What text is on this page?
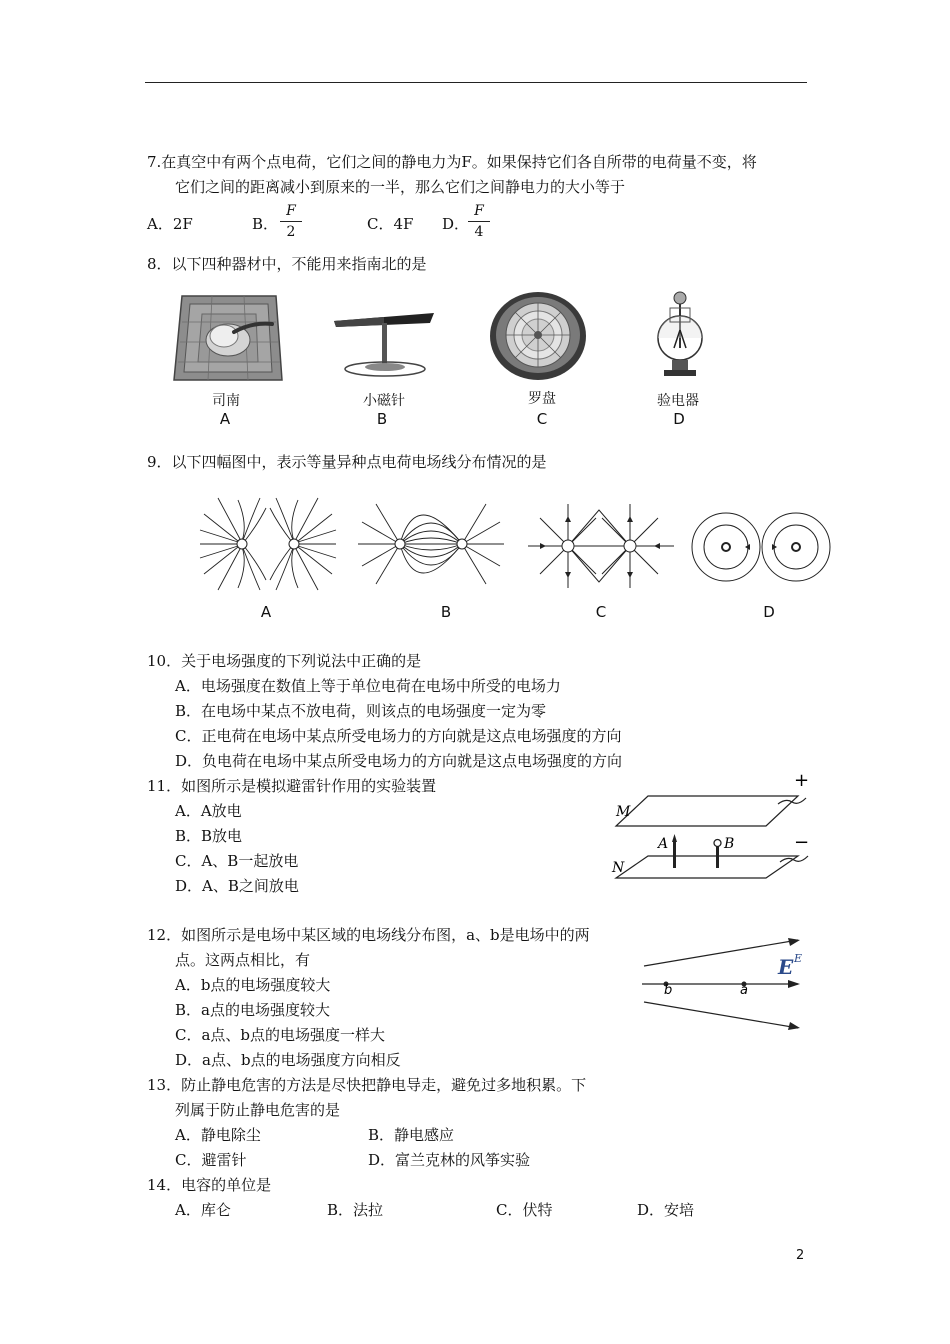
7.在真空中有两个点电荷，它们之间的静电力为F。如果保持它们各自所带的电荷量不变，将
它们之间的距离减小到原来的一半，那么它们之间静电力的大小等于
A．2F	B．
F
2	C．4F D．
F
4
8．以下四种器材中，不能用来指南北的是
司南
A
小磁针
B
罗盘
C
验电器
D
9．以下四幅图中，表示等量异种点电荷电场线分布情况的是
A	B	C	D
10．关于电场强度的下列说法中正确的是
A．电场强度在数值上等于单位电荷在电场中所受的电场力
B．在电场中某点不放电荷，则该点的电场强度一定为零
C．正电荷在电场中某点所受电场力的方向就是这点电场强度的方向
D．负电荷在电场中某点所受电场力的方向就是这点电场强度的方向
11．如图所示是模拟避雷针作用的实验装置
A．A放电
B．B放电
C．A、B一起放电
D．A、B之间放电
+
−
M
N
A	B
12．如图所示是电场中某区域的电场线分布图，a、b是电场中的两
点。这两点相比，有
A．b点的电场强度较大
B．a点的电场强度较大
C．a点、b点的电场强度一样大
D．a点、b点的电场强度方向相反
b	a
E E
13．防止静电危害的方法是尽快把静电导走，避免过多地积累。下
列属于防止静电危害的是
A．静电除尘	B．静电感应
C．避雷针	D．富兰克林的风筝实验
14．电容的单位是
A．库仑	B．法拉	C．伏特	D．安培
2
